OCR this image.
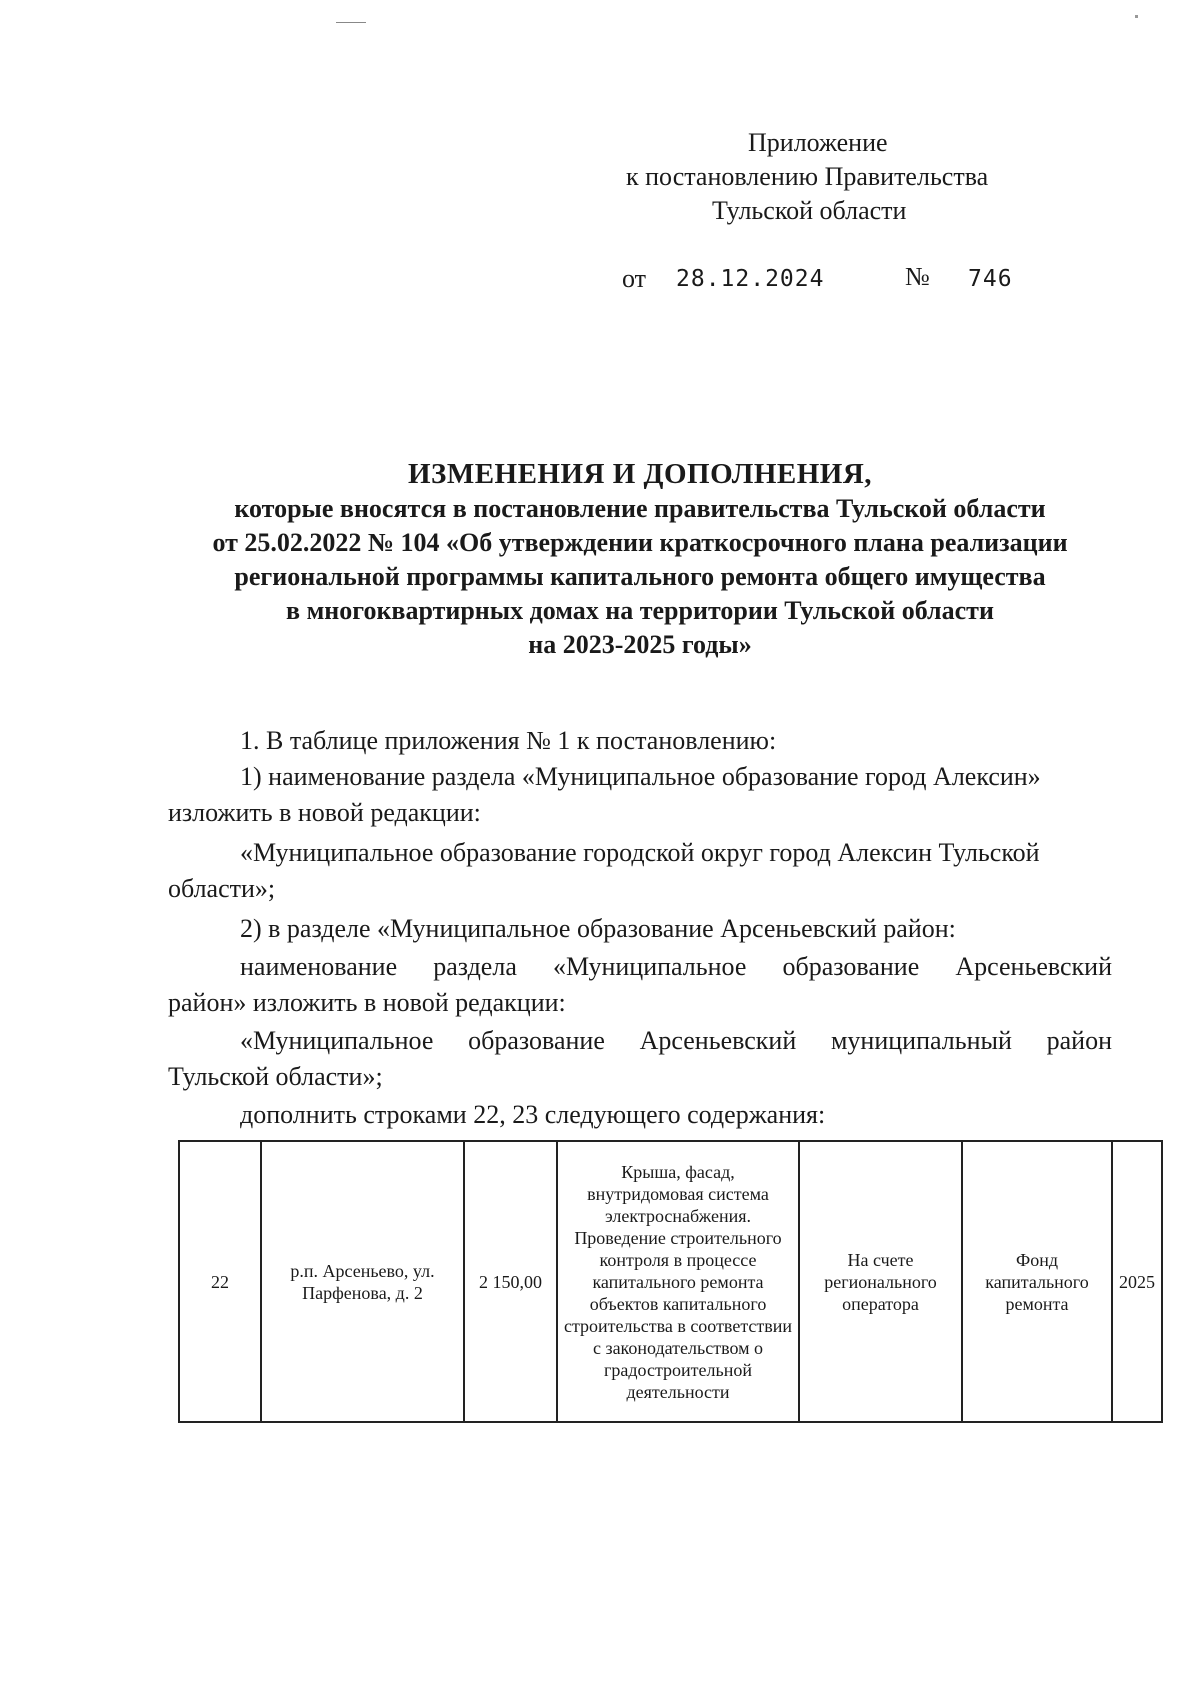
Приложение
к постановлению Правительства
Тульской области
от 28.12.2024	№ 746
ИЗМЕНЕНИЯ И ДОПОЛНЕНИЯ,
которые вносятся в постановление правительства Тульской области
от 25.02.2022 № 104 «Об утверждении краткосрочного плана реализации
региональной программы капитального ремонта общего имущества
в многоквартирных домах на территории Тульской области
на 2023-2025 годы»
1. В таблице приложения № 1 к постановлению:
1) наименование раздела «Муниципальное образование город Алексин»
изложить в новой редакции:
«Муниципальное образование городской округ город Алексин Тульской
области»;
2) в разделе «Муниципальное образование Арсеньевский район:
наименование раздела «Муниципальное образование Арсеньевский
район» изложить в новой редакции:
«Муниципальное образование Арсеньевский муниципальный район
Тульской области»;
дополнить строками 22, 23 следующего содержания:
22	р.п. Арсеньево, ул. Парфенова, д. 2	2 150,00	Крыша, фасад, внутридомовая система электроснабжения. Проведение строительного контроля в процессе капитального ремонта объектов капитального строительства в соответствии с законодательством о градостроительной деятельности	На счете регионального оператора	Фонд капитального ремонта	2025
